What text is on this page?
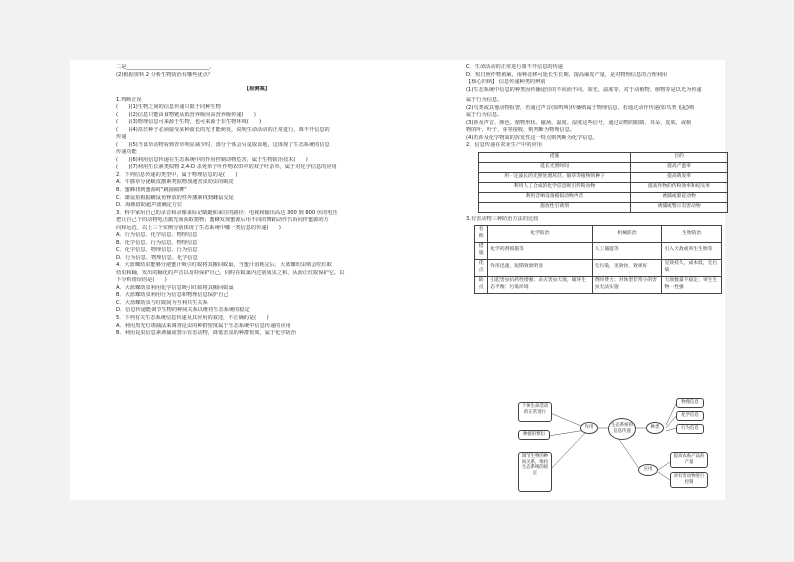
二是________________________________。
(2)根据资料 2 分析生物防治有哪些优点？
【检测案】
1.判断正误
(　　)(1)生物之间的信息传递只限于同种生物
(　　)(2)信息只能由食物链从低营养级向高营养级传递(　　)
(　　)(3)物理信息可来源于生物，也可来源于非生物环境(　　)
(　　)(4)莴苣种子必须接受某种波长的光才能萌发，说明生命活动的正常进行，离不开信息的
传递
(　　)(5)当食草动物看到青草明显减少时，部分个体会另觅取食地，这体现了生态系统的信息
传递功能
(　　)(6)利用信息传递在生态系统中的作用控制动物危害，属于生物防治技术(　　)
(　　)(7)利用生长素类似物 2,4-D 杀死单子叶作物农田中的双子叶杂草，属于对化学信息的应用
2．下列信息传递的类型中，属于物理信息的是(　　)
A．牛膝草分泌蜕皮激素类似物加速害虫幼虫的蜕皮
B．蜜蜂找到蜜源时"跳圆圈舞"
C．雄鼠鱼根据雌鼠鱼释放的性外激素找到雌鼠交尾
D．海豚借助超声波确定方位
3．科学家用自己的录音和录像来标记蜻蜓和来往的路径：电视和输出高达 300 到 800 伏的电压
把让自己个的动物电击激光而获取猎物；蜜蜂发现蜜源后用不同的舞蹈动作告诉同伴蜜源的方
向和远近。以上三个实例分别体现了生态系统中哪一类信息的传递(　　)
A．行为信息、化学信息、物理信息
B．化学信息、行为信息、物理信息
C．化学信息、物理信息、行为信息
D．行为信息、物理信息、化学信息
4．大蓝蝶幼虫能够分泌蜜汁吸引红蚁将其搬回蚁巢，当蜜汁消耗完后，大蓝蝶幼虫则会吃红蚁
幼虫和蛹，发出的蛹化的声音以及特保护自己，同时在蚁巢内过别成虫之和，从而让红蚁保护它。以
下分析错误的是(　　)
A．大蓝蝶幼虫利用化学信息吸引红蚁将其搬回蚁巢
B．大蓝蝶幼虫利用行为信息和物理信息保护自己
C．大蓝蝶幼虫与红蚁间为互利共生关系
D．信息传递能调节生物的种间关系以维持生态系统的稳定
5．下列有关生态系统信息传递及其应用的叙述，不正确的是(　　)
A．利用黑光灯诱捕法来调查昆虫的种群密度属于生态系统中信息传递的应用
B．利用昆虫信息素诱捕或警示有害动物，降低害虫的种群密度，属于化学防治
C．生命活动的正常进行离不开信息的传递
D．短日照作物黄麻，南种北移可延长生长期，提高麻皮产量，是对物理信息的合理利用
【核心归纳】 信息传递种类的辨别
(1)生态系统中信息的种类因传播途径的不同而不同，如光、温度等，对于动植物、植物等是以光为传递
属于行为信息。
(2)鸟类或其他动物报警，若通过声音(如鸣叫)传播则属于物理信息，若通过动作传递(如鸟类飞起)则
属于行为信息。
(3)涉及声音、颜色、植物形状、磁场、温度、湿度这些信号，通过动物的眼睛、耳朵、皮肤，或植
物的叶、叶子、芽等接收，则判断为物理信息。
(4)若涉及化学物质的挥发性这一特点则判断为化学信息。
2．信息传递在农业生产中的应用
措施	目的
延长光照时间	提高产蛋率
用一定波长的光照处理莴苣、烟草等植物的种子	提高萌发率
利用人工合成的化学信息吸引传粉动物	提高作物的传粉效率和结实率
利用音响设备模拟动物声音	诱捕或驱赶动物
施放性引诱剂	诱捕或警示有害动物
3.有害动物三种防治方法的比较
名称	化学防治	机械防治	生物防治
措施	化学药剂喷施等	人工捕捉等	引入天敌或寄生生物等
优点	作用迅速，短期效果明显	无污染，见效快，效果好	见效持久，成本低，无污染
缺点	引起害虫抗药性增强；杀灭害虫天敌，破坏生态平衡；污染环境	费时费力；对体型非常小的害虫无法实施	天敌数量不稳定；寄生生物一性强
生态系统的信息传递
作用	种类
应用
个体生命活动的正常进行
种群的繁衍
调节生物的种间关系，维持生态系统的稳定
物理信息
化学信息
行为信息
提高农畜产品的产量
对有害动物进行控制
